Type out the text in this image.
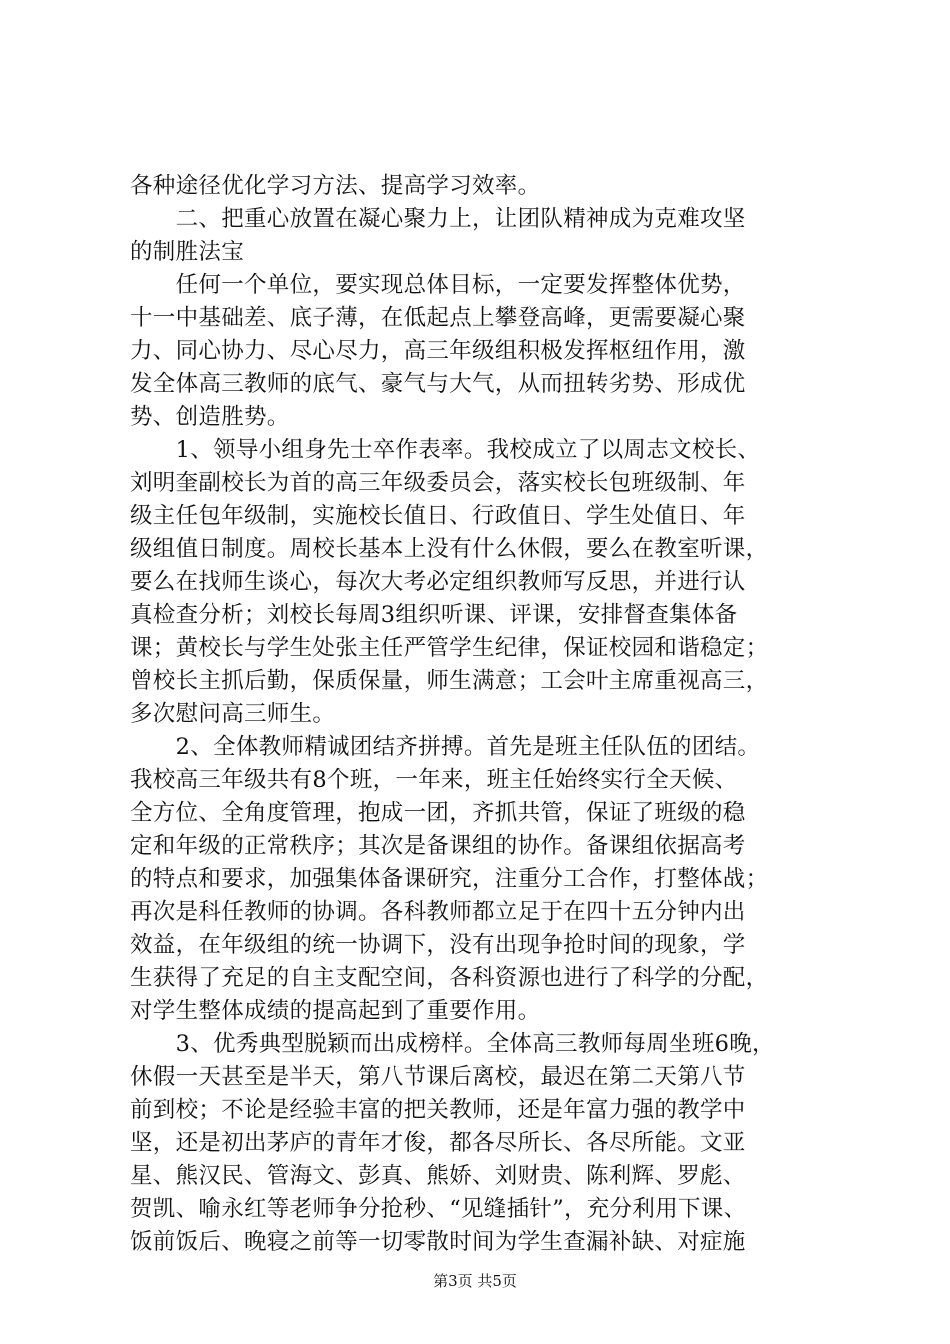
各种途径优化学习方法、提高学习效率。
　　二、把重心放置在凝心聚力上，让团队精神成为克难攻坚
的制胜法宝
　　任何一个单位，要实现总体目标，一定要发挥整体优势，
十一中基础差、底子薄，在低起点上攀登高峰，更需要凝心聚
力、同心协力、尽心尽力，高三年级组积极发挥枢纽作用，激
发全体高三教师的底气、豪气与大气，从而扭转劣势、形成优
势、创造胜势。
　　1、领导小组身先士卒作表率。我校成立了以周志文校长、
刘明奎副校长为首的高三年级委员会，落实校长包班级制、年
级主任包年级制，实施校长值日、行政值日、学生处值日、年
级组值日制度。周校长基本上没有什么休假，要么在教室听课，
要么在找师生谈心，每次大考必定组织教师写反思，并进行认
真检查分析；刘校长每周3组织听课、评课，安排督查集体备
课；黄校长与学生处张主任严管学生纪律，保证校园和谐稳定；
曾校长主抓后勤，保质保量，师生满意；工会叶主席重视高三，
多次慰问高三师生。
　　2、全体教师精诚团结齐拼搏。首先是班主任队伍的团结。
我校高三年级共有8个班，一年来，班主任始终实行全天候、
全方位、全角度管理，抱成一团，齐抓共管，保证了班级的稳
定和年级的正常秩序；其次是备课组的协作。备课组依据高考
的特点和要求，加强集体备课研究，注重分工合作，打整体战；
再次是科任教师的协调。各科教师都立足于在四十五分钟内出
效益，在年级组的统一协调下，没有出现争抢时间的现象，学
生获得了充足的自主支配空间，各科资源也进行了科学的分配，
对学生整体成绩的提高起到了重要作用。
　　3、优秀典型脱颖而出成榜样。全体高三教师每周坐班6晚，
休假一天甚至是半天，第八节课后离校，最迟在第二天第八节
前到校；不论是经验丰富的把关教师，还是年富力强的教学中
坚，还是初出茅庐的青年才俊，都各尽所长、各尽所能。文亚
星、熊汉民、管海文、彭真、熊娇、刘财贵、陈利辉、罗彪、
贺凯、喻永红等老师争分抢秒、“见缝插针”，充分利用下课、
饭前饭后、晚寝之前等一切零散时间为学生查漏补缺、对症施
第3页 共5页
